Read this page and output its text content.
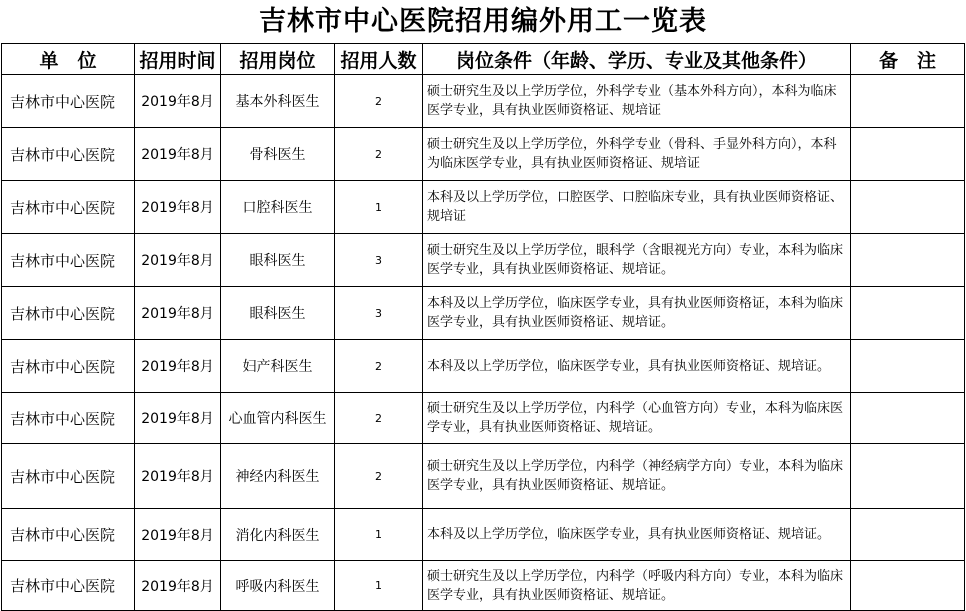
吉林市中心医院招用编外用工一览表
单　位	招用时间	招用岗位	招用人数	岗位条件（年龄、学历、专业及其他条件）	备　注
吉林市中心医院	2019年8月	基本外科医生	2	硕士研究生及以上学历学位，外科学专业（基本外科方向），本科为临床医学专业，具有执业医师资格证、规培证	
吉林市中心医院	2019年8月	骨科医生	2	硕士研究生及以上学历学位，外科学专业（骨科、手显外科方向），本科为临床医学专业，具有执业医师资格证、规培证	
吉林市中心医院	2019年8月	口腔科医生	1	本科及以上学历学位，口腔医学、口腔临床专业，具有执业医师资格证、规培证	
吉林市中心医院	2019年8月	眼科医生	3	硕士研究生及以上学历学位，眼科学（含眼视光方向）专业，本科为临床医学专业，具有执业医师资格证、规培证。	
吉林市中心医院	2019年8月	眼科医生	3	本科及以上学历学位，临床医学专业，具有执业医师资格证，本科为临床医学专业，具有执业医师资格证、规培证。	
吉林市中心医院	2019年8月	妇产科医生	2	本科及以上学历学位，临床医学专业，具有执业医师资格证、规培证。	
吉林市中心医院	2019年8月	心血管内科医生	2	硕士研究生及以上学历学位，内科学（心血管方向）专业，本科为临床医学专业，具有执业医师资格证、规培证。	
吉林市中心医院	2019年8月	神经内科医生	2	硕士研究生及以上学历学位，内科学（神经病学方向）专业，本科为临床医学专业，具有执业医师资格证、规培证。	
吉林市中心医院	2019年8月	消化内科医生	1	本科及以上学历学位，临床医学专业，具有执业医师资格证、规培证。	
吉林市中心医院	2019年8月	呼吸内科医生	1	硕士研究生及以上学历学位，内科学（呼吸内科方向）专业，本科为临床医学专业，具有执业医师资格证、规培证。	
